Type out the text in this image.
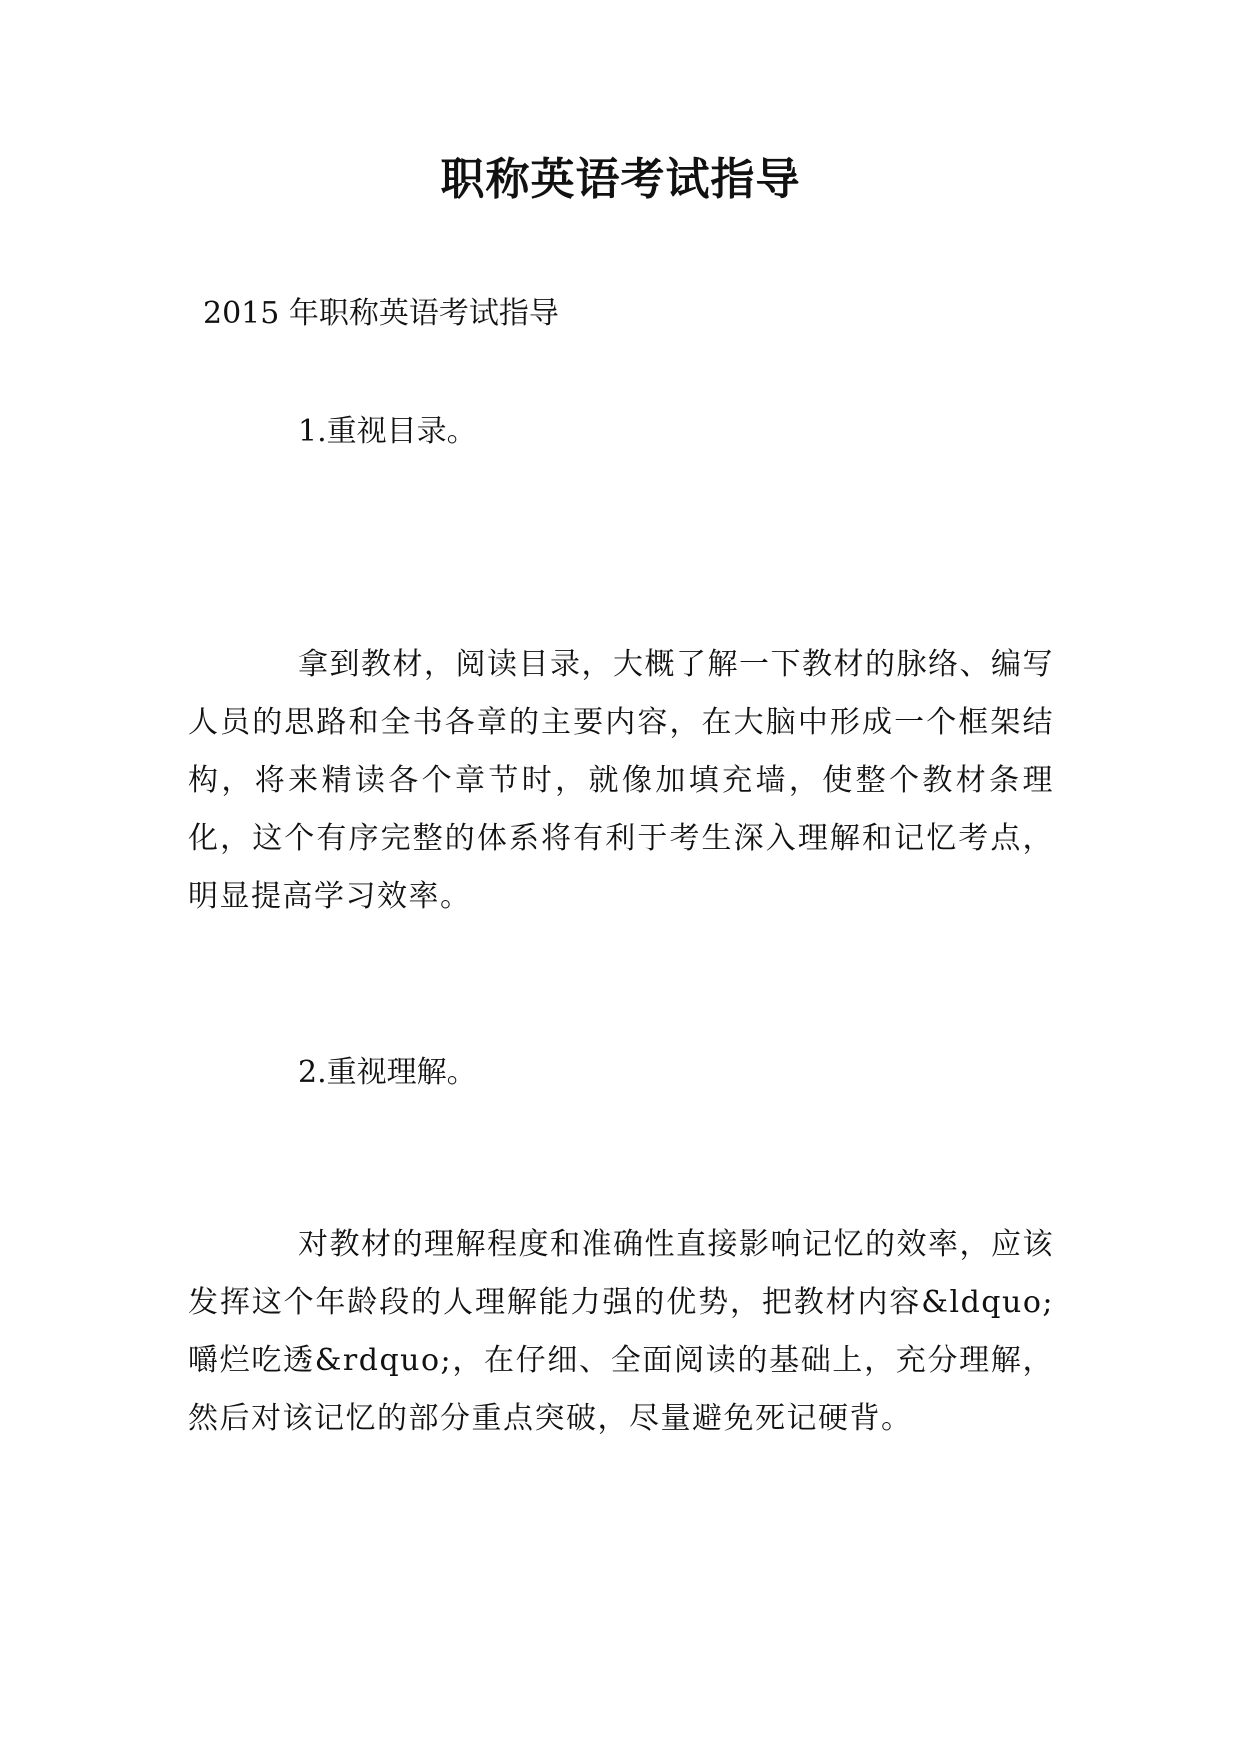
职称英语考试指导
2015 年职称英语考试指导
1.重视目录。
拿到教材，阅读目录，大概了解一下教材的脉络、编写人员的思路和全书各章的主要内容，在大脑中形成一个框架结构，将来精读各个章节时，就像加填充墙，使整个教材条理化，这个有序完整的体系将有利于考生深入理解和记忆考点，明显提高学习效率。
2.重视理解。
对教材的理解程度和准确性直接影响记忆的效率，应该发挥这个年龄段的人理解能力强的优势，把教材内容&ldquo;嚼烂吃透&rdquo;，在仔细、全面阅读的基础上，充分理解，然后对该记忆的部分重点突破，尽量避免死记硬背。
